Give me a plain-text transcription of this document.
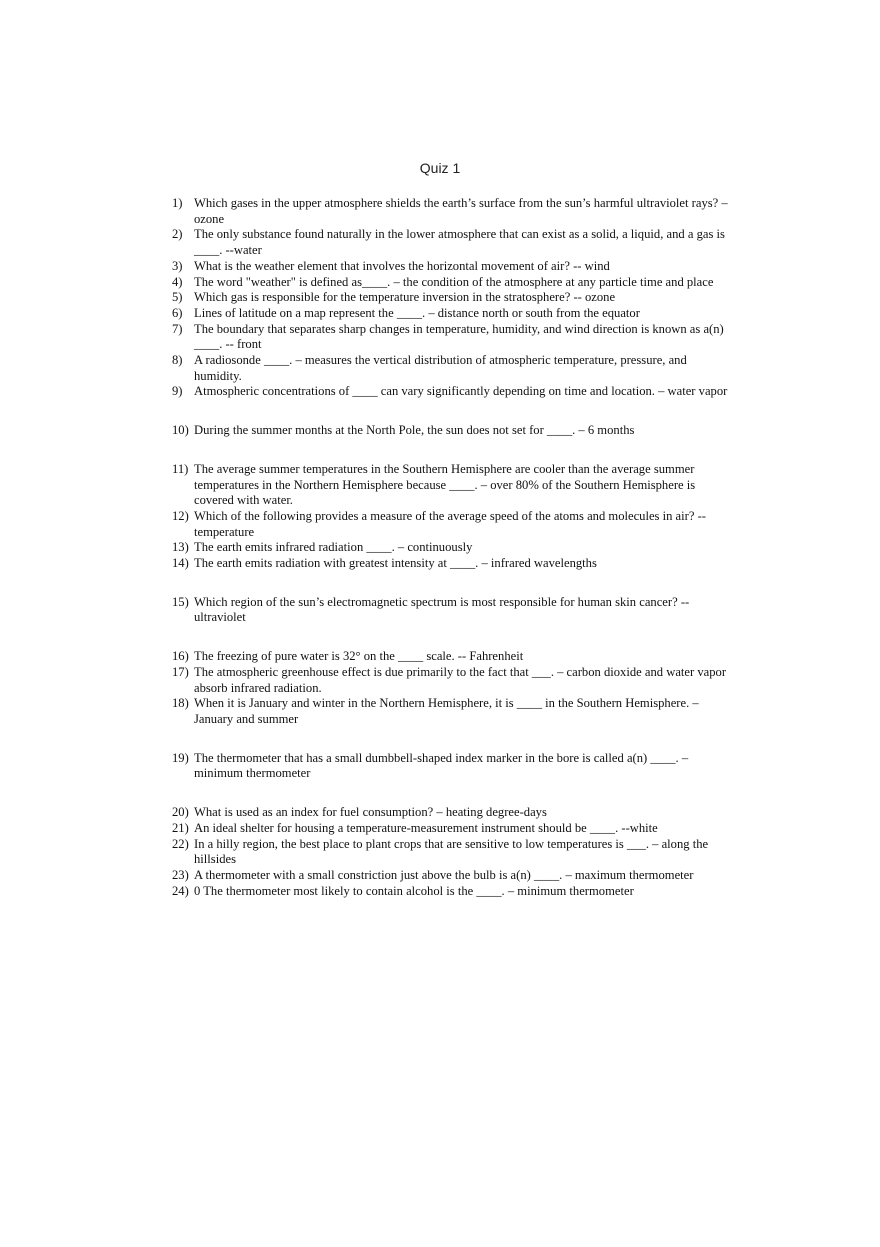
Quiz 1
1) Which gases in the upper atmosphere shields the earth’s surface from the sun’s harmful ultraviolet rays? – ozone
2) The only substance found naturally in the lower atmosphere that can exist as a solid, a liquid, and a gas is ____. --water
3) What is the weather element that involves the horizontal movement of air? -- wind
4) The word "weather" is defined as____. – the condition of the atmosphere at any particle time and place
5) Which gas is responsible for the temperature inversion in the stratosphere? -- ozone
6) Lines of latitude on a map represent the ____. – distance north or south from the equator
7) The boundary that separates sharp changes in temperature, humidity, and wind direction is known as a(n) ____. -- front
8) A radiosonde ____. – measures the vertical distribution of atmospheric temperature, pressure, and humidity.
9) Atmospheric concentrations of ____ can vary significantly depending on time and location. – water vapor
10) During the summer months at the North Pole, the sun does not set for ____. – 6 months
11) The average summer temperatures in the Southern Hemisphere are cooler than the average summer temperatures in the Northern Hemisphere because ____. – over 80% of the Southern Hemisphere is covered with water.
12) Which of the following provides a measure of the average speed of the atoms and molecules in air? -- temperature
13) The earth emits infrared radiation ____. – continuously
14) The earth emits radiation with greatest intensity at ____. – infrared wavelengths
15) Which region of the sun’s electromagnetic spectrum is most responsible for human skin cancer? -- ultraviolet
16) The freezing of pure water is 32° on the ____ scale. -- Fahrenheit
17) The atmospheric greenhouse effect is due primarily to the fact that ___. – carbon dioxide and water vapor absorb infrared radiation.
18) When it is January and winter in the Northern Hemisphere, it is ____ in the Southern Hemisphere. – January and summer
19) The thermometer that has a small dumbbell-shaped index marker in the bore is called a(n) ____. – minimum thermometer
20) What is used as an index for fuel consumption? – heating degree-days
21) An ideal shelter for housing a temperature-measurement instrument should be ____. --white
22) In a hilly region, the best place to plant crops that are sensitive to low temperatures is ___. – along the hillsides
23) A thermometer with a small constriction just above the bulb is a(n) ____. – maximum thermometer
24) 0 The thermometer most likely to contain alcohol is the ____. – minimum thermometer
